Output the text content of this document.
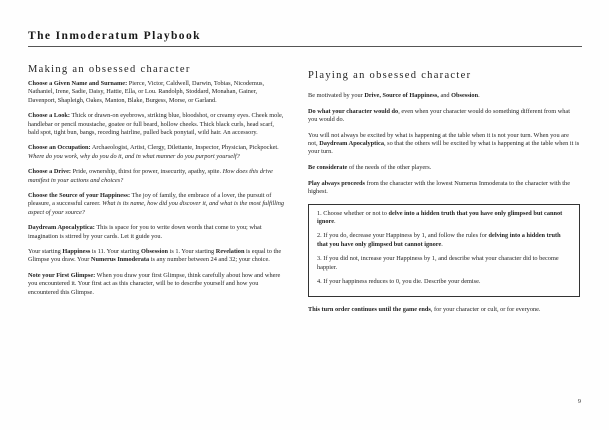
The Inmoderatum Playbook
Making an obsessed character

Choose a Given Name and Surname: Pierce, Victor, Caldwell, Darwin, Tobias, Nicodemus, Nathaniel, Irene, Sadie, Daisy, Hattie, Ella, or Lou. Randolph, Stoddard, Monahan, Gainer, Davenport, Shapleigh, Oakes, Manton, Blake, Burgess, Morse, or Garland.

Choose a Look: Thick or drawn-on eyebrows, striking blue, bloodshot, or creamy eyes. Cheek mole, handlebar or pencil moustache, goatee or full beard, hollow cheeks. Thick black curls, head scarf, bald spot, tight bun, bangs, receding hairline, pulled back ponytail, wild hair. An accessory.

Choose an Occupation: Archaeologist, Artist, Clergy, Dilettante, Inspector, Physician, Pickpocket. Where do you work, why do you do it, and in what manner do you purport yourself?

Choose a Drive: Pride, ownership, thirst for power, insecurity, apathy, spite. How does this drive manifest in your actions and choices?

Choose the Source of your Happiness: The joy of family, the embrace of a lover, the pursuit of pleasure, a successful career. What is its name, how did you discover it, and what is the most fulfilling aspect of your source?

Daydream Apocalyptica: This is space for you to write down words that come to you; what imagination is stirred by your cards. Let it guide you.

Your starting Happiness is 11. Your starting Obsession is 1. Your starting Revelation is equal to the Glimpse you draw. Your Numerus Inmoderata is any number between 24 and 32; your choice.

Note your First Glimpse: When you draw your first Glimpse, think carefully about how and where you encountered it. Your first act as this character, will be to describe yourself and how you encountered this Glimpse.

Playing an obsessed character

Be motivated by your Drive, Source of Happiness, and Obsession.

Do what your character would do, even when your character would do something different from what you would do.

You will not always be excited by what is happening at the table when it is not your turn. When you are not, Daydream Apocalyptica, so that the others will be excited by what is happening at the table when it is your turn.

Be considerate of the needs of the other players.

Play always proceeds from the character with the lowest Numerus Inmoderata to the character with the highest.

1. Choose whether or not to delve into a hidden truth that you have only glimpsed but cannot ignore.

2. If you do, decrease your Happiness by 1, and follow the rules for delving into a hidden truth that you have only glimpsed but cannot ignore.

3. If you did not, increase your Happiness by 1, and describe what your character did to become happier.

4. If your happiness reduces to 0, you die. Describe your demise.

This turn order continues until the game ends, for your character or cult, or for everyone.

9
